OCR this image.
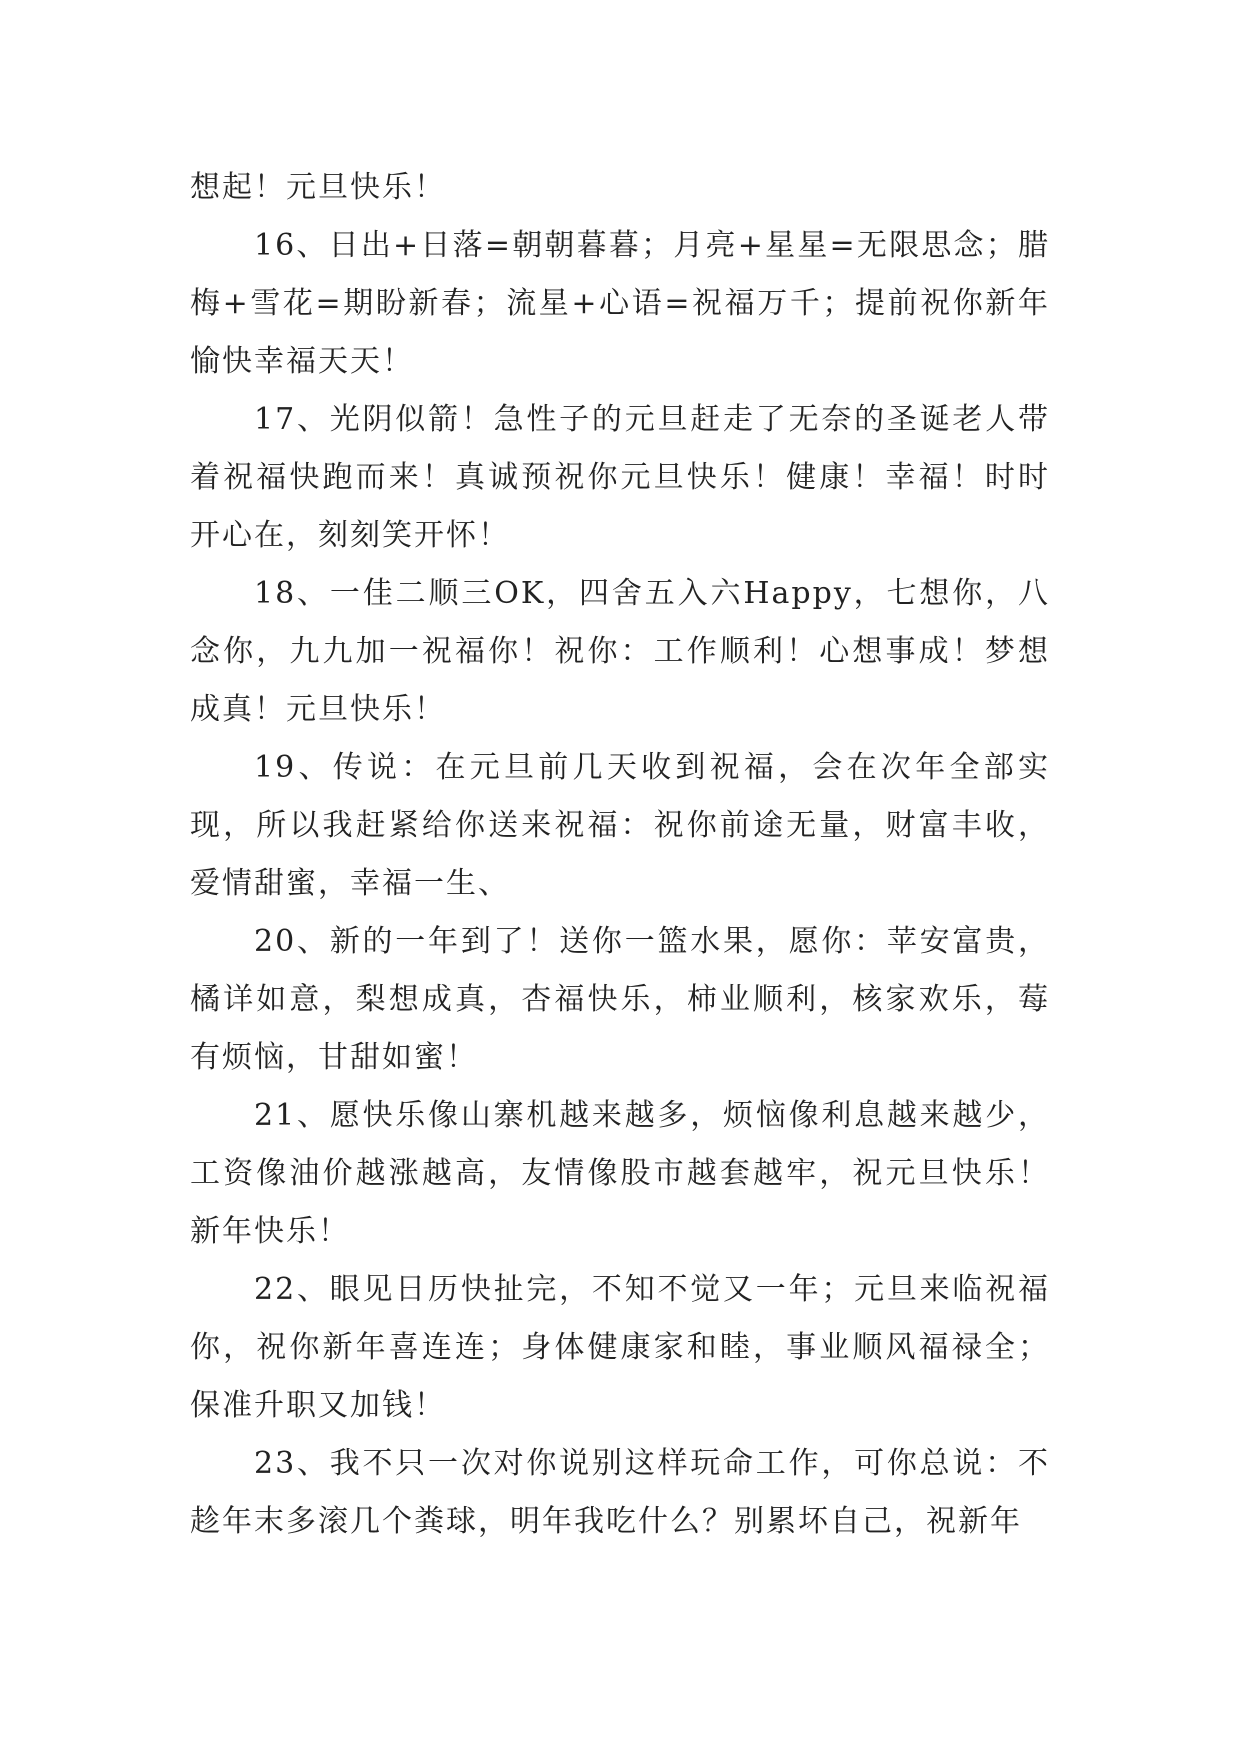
想起！元旦快乐！

16、日出+日落=朝朝暮暮；月亮+星星=无限思念；腊梅+雪花=期盼新春；流星+心语=祝福万千；提前祝你新年愉快幸福天天！

17、光阴似箭！急性子的元旦赶走了无奈的圣诞老人带着祝福快跑而来！真诚预祝你元旦快乐！健康！幸福！时时开心在，刻刻笑开怀！

18、一佳二顺三OK，四舍五入六Happy，七想你，八念你，九九加一祝福你！祝你：工作顺利！心想事成！梦想成真！元旦快乐！

19、传说：在元旦前几天收到祝福，会在次年全部实现，所以我赶紧给你送来祝福：祝你前途无量，财富丰收，爱情甜蜜，幸福一生、

20、新的一年到了！送你一篮水果，愿你：苹安富贵，橘详如意，梨想成真，杏福快乐，柿业顺利，核家欢乐，莓有烦恼，甘甜如蜜！

21、愿快乐像山寨机越来越多，烦恼像利息越来越少，工资像油价越涨越高，友情像股市越套越牢，祝元旦快乐！新年快乐！

22、眼见日历快扯完，不知不觉又一年；元旦来临祝福你，祝你新年喜连连；身体健康家和睦，事业顺风福禄全；保准升职又加钱！

23、我不只一次对你说别这样玩命工作，可你总说：不趁年末多滚几个粪球，明年我吃什么？别累坏自己，祝新年
